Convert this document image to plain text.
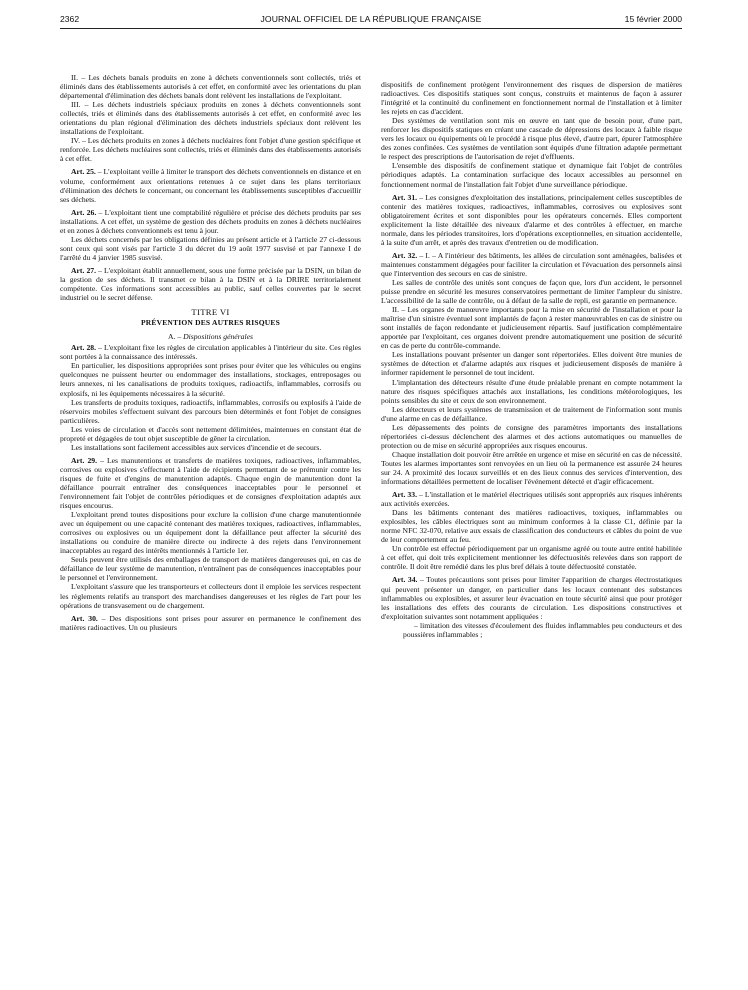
2362	JOURNAL OFFICIEL DE LA RÉPUBLIQUE FRANÇAISE	15 février 2000

II. – Les déchets banals produits en zone à déchets conventionnels sont collectés, triés et éliminés dans des établissements autorisés à cet effet, en conformité avec les orientations du plan départemental d'élimination des déchets banals dont relèvent les installations de l'exploitant.

III. – Les déchets industriels spéciaux produits en zones à déchets conventionnels sont collectés, triés et éliminés dans des établissements autorisés à cet effet, en conformité avec les orientations du plan régional d'élimination des déchets industriels spéciaux dont relèvent les installations de l'exploitant.

IV. – Les déchets produits en zones à déchets nucléaires font l'objet d'une gestion spécifique et renforcée. Les déchets nucléaires sont collectés, triés et éliminés dans des établissements autorisés à cet effet.

Art. 25. – L'exploitant veille à limiter le transport des déchets conventionnels en distance et en volume, conformément aux orientations retenues à ce sujet dans les plans territoriaux d'élimination des déchets le concernant, ou concernant les établissements susceptibles d'accueillir ses déchets.

Art. 26. – L'exploitant tient une comptabilité régulière et précise des déchets produits par ses installations. A cet effet, un système de gestion des déchets produits en zones à déchets nucléaires et en zones à déchets conventionnels est tenu à jour.

Les déchets concernés par les obligations définies au présent article et à l'article 27 ci-dessous sont ceux qui sont visés par l'article 3 du décret du 19 août 1977 susvisé et par l'annexe I de l'arrêté du 4 janvier 1985 susvisé.

Art. 27. – L'exploitant établit annuellement, sous une forme précisée par la DSIN, un bilan de la gestion de ses déchets. Il transmet ce bilan à la DSIN et à la DRIRE territorialement compétente. Ces informations sont accessibles au public, sauf celles couvertes par le secret industriel ou le secret défense.

TITRE VI
PRÉVENTION DES AUTRES RISQUES
A. – Dispositions générales

Art. 28. – L'exploitant fixe les règles de circulation applicables à l'intérieur du site. Ces règles sont portées à la connaissance des intéressés.

En particulier, les dispositions appropriées sont prises pour éviter que les véhicules ou engins quelconques ne puissent heurter ou endommager des installations, stockages, entreposages ou leurs annexes, ni les canalisations de produits toxiques, radioactifs, inflammables, corrosifs ou explosifs, ni les équipements nécessaires à la sécurité.

Les transferts de produits toxiques, radioactifs, inflammables, corrosifs ou explosifs à l'aide de réservoirs mobiles s'effectuent suivant des parcours bien déterminés et font l'objet de consignes particulières.

Les voies de circulation et d'accès sont nettement délimitées, maintenues en constant état de propreté et dégagées de tout objet susceptible de gêner la circulation.

Les installations sont facilement accessibles aux services d'incendie et de secours.

Art. 29. – Les manutentions et transferts de matières toxiques, radioactives, inflammables, corrosives ou explosives s'effectuent à l'aide de récipients permettant de se prémunir contre les risques de fuite et d'engins de manutention adaptés. Chaque engin de manutention dont la défaillance pourrait entraîner des conséquences inacceptables pour le personnel et l'environnement fait l'objet de contrôles périodiques et de consignes d'exploitation adaptés aux risques encourus.

L'exploitant prend toutes dispositions pour exclure la collision d'une charge manutentionnée avec un équipement ou une capacité contenant des matières toxiques, radioactives, inflammables, corrosives ou explosives ou un équipement dont la défaillance peut affecter la sécurité des installations ou conduire de manière directe ou indirecte à des rejets dans l'environnement inacceptables au regard des intérêts mentionnés à l'article 1er.

Seuls peuvent être utilisés des emballages de transport de matières dangereuses qui, en cas de défaillance de leur système de manutention, n'entraînent pas de conséquences inacceptables pour le personnel et l'environnement.

L'exploitant s'assure que les transporteurs et collecteurs dont il emploie les services respectent les règlements relatifs au transport des marchandises dangereuses et les règles de l'art pour les opérations de transvasement ou de chargement.

Art. 30. – Des dispositions sont prises pour assurer en permanence le confinement des matières radioactives. Un ou plusieurs

dispositifs de confinement protègent l'environnement des risques de dispersion de matières radioactives. Ces dispositifs statiques sont conçus, construits et maintenus de façon à assurer l'intégrité et la continuité du confinement en fonctionnement normal de l'installation et à limiter les rejets en cas d'accident.

Des systèmes de ventilation sont mis en œuvre en tant que de besoin pour, d'une part, renforcer les dispositifs statiques en créant une cascade de dépressions des locaux à faible risque vers les locaux ou équipements où le procédé à risque plus élevé, d'autre part, épurer l'atmosphère des zones confinées. Ces systèmes de ventilation sont équipés d'une filtration adaptée permettant le respect des prescriptions de l'autorisation de rejet d'effluents.

L'ensemble des dispositifs de confinement statique et dynamique fait l'objet de contrôles périodiques adaptés. La contamination surfacique des locaux accessibles au personnel en fonctionnement normal de l'installation fait l'objet d'une surveillance périodique.

Art. 31. – Les consignes d'exploitation des installations, principalement celles susceptibles de contenir des matières toxiques, radioactives, inflammables, corrosives ou explosives sont obligatoirement écrites et sont disponibles pour les opérateurs concernés. Elles comportent explicitement la liste détaillée des niveaux d'alarme et des contrôles à effectuer, en marche normale, dans les périodes transitoires, lors d'opérations exceptionnelles, en situation accidentelle, à la suite d'un arrêt, et après des travaux d'entretien ou de modification.

Art. 32. – I. – A l'intérieur des bâtiments, les allées de circulation sont aménagées, balisées et maintenues constamment dégagées pour faciliter la circulation et l'évacuation des personnels ainsi que l'intervention des secours en cas de sinistre.

Les salles de contrôle des unités sont conçues de façon que, lors d'un accident, le personnel puisse prendre en sécurité les mesures conservatoires permettant de limiter l'ampleur du sinistre. L'accessibilité de la salle de contrôle, ou à défaut de la salle de repli, est garantie en permanence.

II. – Les organes de manœuvre importants pour la mise en sécurité de l'installation et pour la maîtrise d'un sinistre éventuel sont implantés de façon à rester manœuvrables en cas de sinistre ou sont installés de façon redondante et judicieusement répartis. Sauf justification complémentaire apportée par l'exploitant, ces organes doivent prendre automatiquement une position de sécurité en cas de perte du contrôle-commande.

Les installations pouvant présenter un danger sont répertoriées. Elles doivent être munies de systèmes de détection et d'alarme adaptés aux risques et judicieusement disposés de manière à informer rapidement le personnel de tout incident.

L'implantation des détecteurs résulte d'une étude préalable prenant en compte notamment la nature des risques spécifiques attachés aux installations, les conditions météorologiques, les points sensibles du site et ceux de son environnement.

Les détecteurs et leurs systèmes de transmission et de traitement de l'information sont munis d'une alarme en cas de défaillance.

Les dépassements des points de consigne des paramètres importants des installations répertoriées ci-dessus déclenchent des alarmes et des actions automatiques ou manuelles de protection ou de mise en sécurité appropriées aux risques encourus.

Chaque installation doit pouvoir être arrêtée en urgence et mise en sécurité en cas de nécessité. Toutes les alarmes importantes sont renvoyées en un lieu où la permanence est assurée 24 heures sur 24. A proximité des locaux surveillés et en des lieux connus des services d'intervention, des informations détaillées permettent de localiser l'événement détecté et d'agir efficacement.

Art. 33. – L'installation et le matériel électriques utilisés sont appropriés aux risques inhérents aux activités exercées.

Dans les bâtiments contenant des matières radioactives, toxiques, inflammables ou explosibles, les câbles électriques sont au minimum conformes à la classe C1, définie par la norme NFC 32-070, relative aux essais de classification des conducteurs et câbles du point de vue de leur comportement au feu.

Un contrôle est effectué périodiquement par un organisme agréé ou toute autre entité habilitée à cet effet, qui doit très explicitement mentionner les défectuosités relevées dans son rapport de contrôle. Il doit être remédié dans les plus bref délais à toute défectuosité constatée.

Art. 34. – Toutes précautions sont prises pour limiter l'apparition de charges électrostatiques qui peuvent présenter un danger, en particulier dans les locaux contenant des substances inflammables ou explosibles, et assurer leur évacuation en toute sécurité ainsi que pour protéger les installations des effets des courants de circulation. Les dispositions constructives et d'exploitation suivantes sont notamment appliquées :

– limitation des vitesses d'écoulement des fluides inflammables peu conducteurs et des poussières inflammables ;
